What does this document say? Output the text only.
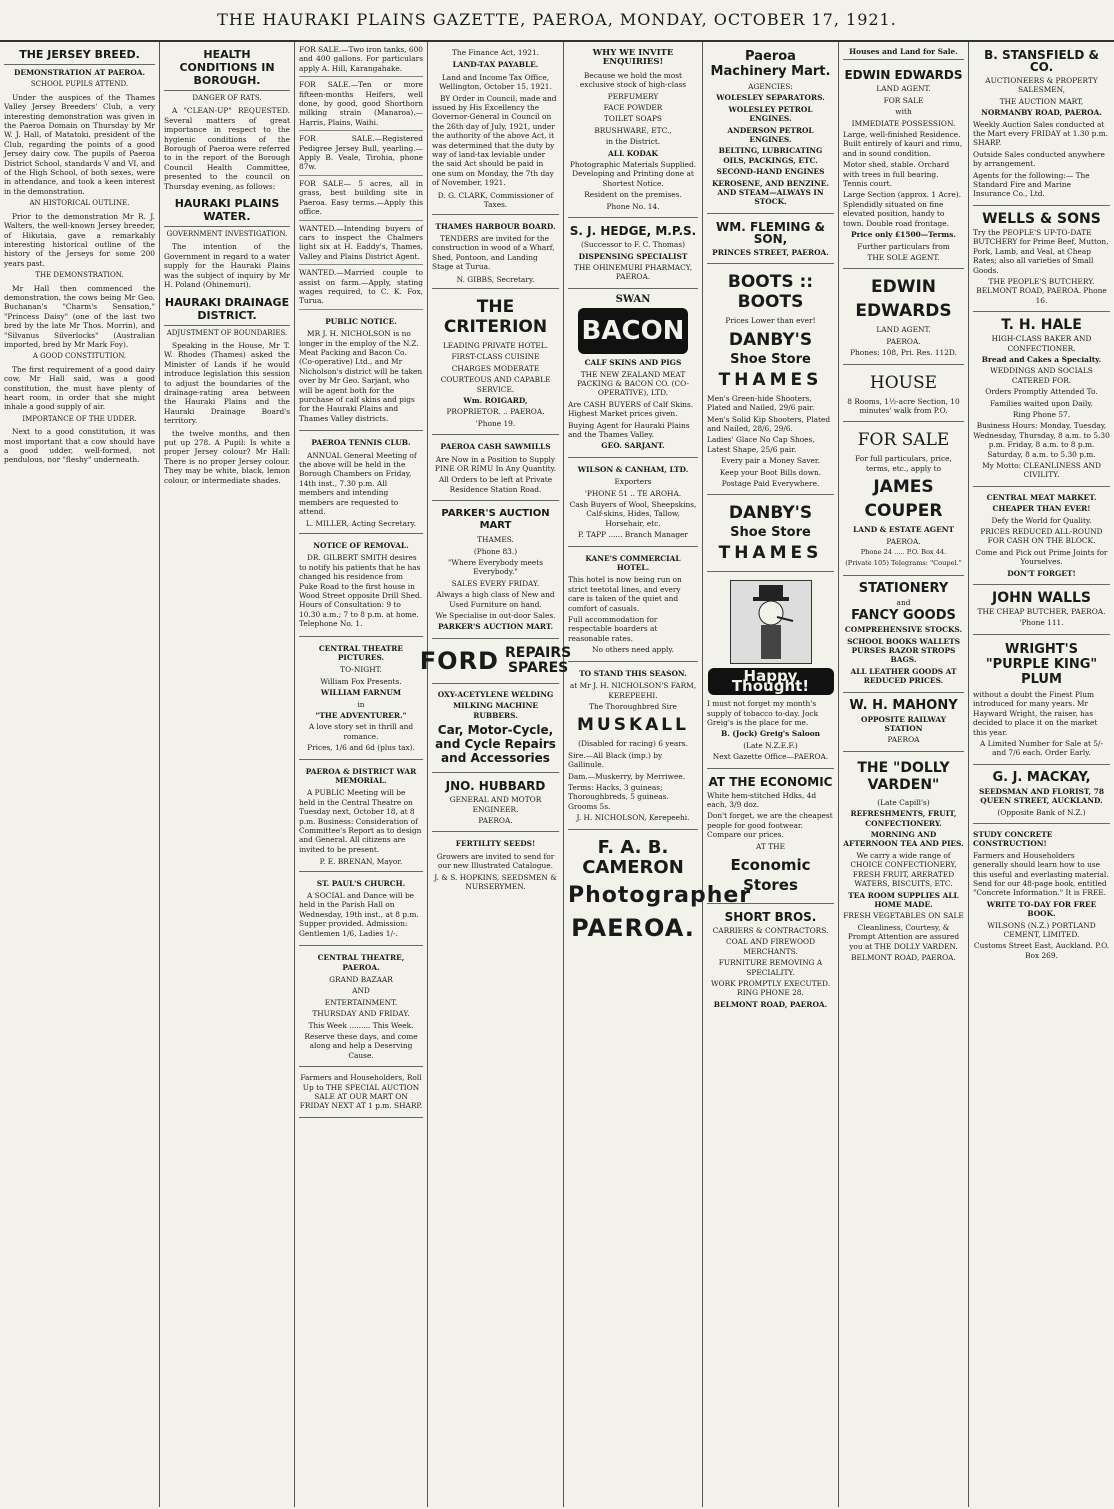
THE HAURAKI PLAINS GAZETTE, PAEROA, MONDAY, OCTOBER 17, 1921.
THE JERSEY BREED.
DEMONSTRATION AT PAEROA.
SCHOOL PUPILS ATTEND.

Under the auspices of the Thames Valley Jersey Breeders' Club, a very interesting demonstration was given in the Paeroa Domain on Thursday by Mr W. J. Hall, of Matatoki, president of the Club, regarding the points of a good Jersey dairy cow. The pupils of Paeroa District School, standards V and VI, and of the High School, of both sexes, were in attendance, and took a keen interest in the demonstration.

AN HISTORICAL OUTLINE.

Prior to the demonstration Mr R. J. Walters, the well-known Jersey breeder, of Hikutaia, gave a remarkably interesting historical outline of the history of the Jerseys for some 200 years past.

THE DEMONSTRATION.

Mr Hall then commenced the demonstration, the cows being Mr Geo. Buchanan's "Charm's Sensation," "Princess Daisy" (one of the last two bred by the late Mr Thos. Morrin), and "Silvanus Silverlocks" (Australian imported, bred by Mr Mark Foy).

A GOOD CONSTITUTION.

The first requirement of a good dairy cow, Mr Hall said, was a good constitution, the must have plenty of heart room, in order that she might inhale a good supply of air.

IMPORTANCE OF THE UDDER.

Next to a good constitution, it was most important that a cow should have a good udder, well-formed, not pendulous, nor "fleshy" underneath.

HEALTH CONDITIONS IN BOROUGH.
DANGER OF RATS.

A "CLEAN-UP" REQUESTED. Several matters of great importance in respect to the hygienic conditions of the Borough of Paeroa were referred to in the report of the Borough Council Health Committee, presented to the council on Thursday evening, as follows:

HAURAKI PLAINS WATER.
GOVERNMENT INVESTIGATION.

The intention of the Government in regard to a water supply for the Hauraki Plains was the subject of inquiry by Mr H. Poland (Ohinemuri).

HAURAKI DRAINAGE DISTRICT.
ADJUSTMENT OF BOUNDARIES.

Speaking in the House, Mr T. W. Rhodes (Thames) asked the Minister of Lands if he would introduce legislation this session to adjust the boundaries of the drainage-rating area between the Hauraki Plains and the Hauraki Drainage Board's territory.

the twelve months, and then put up 278. A Pupil: Is white a proper Jersey colour? Mr Hall: There is no proper Jersey colour. They may be white, black, lemon colour, or intermediate shades.

FOR SALE.—Two iron tanks, 600 and 400 gallons. For particulars apply A. Hill, Karangahake.
FOR SALE.—Ten or more fifteen-months Heifers, well done, by good, good Shorthorn milking strain (Manaroa).—Harris, Plains, Waihi.
FOR SALE.—Registered Pedigree Jersey Bull, yearling.—Apply B. Veale, Tirohia, phone 87w.
FOR SALE— 5 acres, all in grass, best building site in Paeroa. Easy terms.—Apply this office.
WANTED.—Intending buyers of cars to inspect the Chalmers light six at H. Eaddy's, Thames, Valley and Plains District Agent.
WANTED.—Married couple to assist on farm.—Apply, stating wages required, to C. K. Fox, Turua.
PUBLIC NOTICE.

MR J. H. NICHOLSON is no longer in the employ of the N.Z. Meat Packing and Bacon Co. (Co-operative) Ltd., and Mr Nicholson's district will be taken over by Mr Geo. Sarjant, who will be agent both for the purchase of calf skins and pigs for the Hauraki Plains and Thames Valley districts.

PAEROA TENNIS CLUB.

ANNUAL General Meeting of the above will be held in the Borough Chambers on Friday, 14th inst., 7.30 p.m. All members and intending members are requested to attend.

L. MILLER, Acting Secretary.
NOTICE OF REMOVAL.

DR. GILBERT SMITH desires to notify his patients that he has changed his residence from Puke Road to the first house in Wood Street opposite Drill Shed. Hours of Consultation: 9 to 10.30 a.m.; 7 to 8 p.m. at home. Telephone No. 1.

CENTRAL THEATRE PICTURES.
TO-NIGHT.
William Fox Presents.
WILLIAM FARNUM
in
"THE ADVENTURER."
A love story set in thrill and romance.
Prices, 1/6 and 6d (plus tax).
PAEROA & DISTRICT WAR MEMORIAL.

A PUBLIC Meeting will be held in the Central Theatre on Tuesday next, October 18, at 8 p.m. Business: Consideration of Committee's Report as to design and General. All citizens are invited to be present.

P. E. BRENAN, Mayor.
ST. PAUL'S CHURCH.

A SOCIAL and Dance will be held in the Parish Hall on Wednesday, 19th inst., at 8 p.m. Supper provided. Admission: Gentlemen 1/6, Ladies 1/-.

CENTRAL THEATRE, PAEROA.
GRAND BAZAAR
AND
ENTERTAINMENT.
THURSDAY AND FRIDAY.
This Week ......... This Week.
Reserve these days, and come along and help a Deserving Cause.
Farmers and Householders, Roll Up to THE SPECIAL AUCTION SALE AT OUR MART ON FRIDAY NEXT AT 1 p.m. SHARP.
The Finance Act, 1921.
LAND-TAX PAYABLE.
Land and Income Tax Office, Wellington, October 15, 1921.

BY Order in Council, made and issued by His Excellency the Governor-General in Council on the 26th day of July, 1921, under the authority of the above Act, it was determined that the duty by way of land-tax leviable under the said Act should be paid in one sum on Monday, the 7th day of November, 1921.

D. G. CLARK, Commissioner of Taxes.
THAMES HARBOUR BOARD.

TENDERS are invited for the construction in wood of a Wharf, Shed, Pontoon, and Landing Stage at Turua.

N. GIBBS, Secretary.
THE CRITERION
LEADING PRIVATE HOTEL.
FIRST-CLASS CUISINE
CHARGES MODERATE
COURTEOUS AND CAPABLE SERVICE.
Wm. ROIGARD,
PROPRIETOR. .. PAEROA.
'Phone 19.
PAEROA CASH SAWMILLS
Are Now in a Position to Supply PINE OR RIMU In Any Quantity.
All Orders to be left at Private Residence Station Road.
PARKER'S AUCTION MART
THAMES.
(Phone 83.)
"Where Everybody meets Everybody."
SALES EVERY FRIDAY.
Always a high class of New and Used Furniture on hand.
We Specialise in out-door Sales.
PARKER'S AUCTION MART.
FORD REPAIRS
SPARES
OXY-ACETYLENE WELDING
MILKING MACHINE RUBBERS.
Car, Motor-Cycle, and Cycle Repairs and Accessories
JNO. HUBBARD
GENERAL AND MOTOR ENGINEER.
PAEROA.
FERTILITY SEEDS!
Growers are invited to send for our new Illustrated Catalogue.
J. & S. HOPKINS, SEEDSMEN & NURSERYMEN.
WHY WE INVITE ENQUIRIES!
Because we hold the most exclusive stock of high-class
PERFUMERY
FACE POWDER
TOILET SOAPS
BRUSHWARE, ETC.,
in the District.
ALL KODAK
Photographic Materials Supplied. Developing and Printing done at Shortest Notice.
Resident on the premises.
Phone No. 14.
S. J. HEDGE, M.P.S.
(Successor to F. C. Thomas)
DISPENSING SPECIALIST
THE OHINEMURI PHARMACY, PAEROA.
SWAN
BACON
CALF SKINS AND PIGS
THE NEW ZEALAND MEAT PACKING & BACON CO. (CO-OPERATIVE), LTD.
Are CASH BUYERS of Calf Skins. Highest Market prices given.
Buying Agent for Hauraki Plains and the Thames Valley.
GEO. SARJANT.
WILSON & CANHAM, LTD.
Exporters
'PHONE 51 .. TE AROHA.
Cash Buyers of Wool, Sheepskins, Calf-skins, Hides, Tallow, Horsehair, etc.
P. TAPP ...... Branch Manager
KANE'S COMMERCIAL HOTEL.
This hotel is now being run on strict teetotal lines, and every care is taken of the quiet and comfort of casuals.
Full accommodation for respectable boarders at reasonable rates.
No others need apply.
TO STAND THIS SEASON.
at Mr J. H. NICHOLSON'S FARM, KEREPEEHI.
The Thoroughbred Sire
MUSKALL
(Disabled for racing) 6 years.
Sire.—All Black (imp.) by Gallinule.
Dam.—Muskerry, by Merriwee.
Terms: Hacks, 3 guineas; Thoroughbreds, 5 guineas. Grooms 5s.
J. H. NICHOLSON, Kerepeehi.
F. A. B. CAMERON
Photographer
PAEROA.
Paeroa Machinery Mart.
AGENCIES:
WOLESLEY SEPARATORS.
WOLESLEY PETROL ENGINES.
ANDERSON PETROL ENGINES.
BELTING, LUBRICATING OILS, PACKINGS, ETC.
SECOND-HAND ENGINES
KEROSENE, AND BENZINE. AND STEAM—ALWAYS IN STOCK.
WM. FLEMING & SON,
PRINCES STREET, PAEROA.
BOOTS :: BOOTS
Prices Lower than ever!
DANBY'S
Shoe Store
THAMES
Men's Green-hide Shooters, Plated and Nailed, 29/6 pair.
Men's Solid Kip Shooters, Plated and Nailed, 28/6, 29/6.
Ladies' Glace No Cap Shoes, Latest Shape, 25/6 pair.
Every pair a Money Saver.
Keep your Boot Bills down.
Postage Paid Everywhere.
DANBY'S
Shoe Store
THAMES
Happy Thought!
I must not forget my month's supply of tobacco to-day. Jock Greig's is the place for me.
B. (Jock) Greig's Saloon
(Late N.Z.E.F.)
Next Gazette Office—PAEROA.
AT THE ECONOMIC
White hem-stitched Hdks, 4d each, 3/9 doz.
Don't forget, we are the cheapest people for good footwear. Compare our prices.
AT THE
Economic Stores
SHORT BROS.
CARRIERS & CONTRACTORS.
COAL AND FIREWOOD MERCHANTS.
FURNITURE REMOVING A SPECIALITY.
WORK PROMPTLY EXECUTED. RING PHONE 28.
BELMONT ROAD, PAEROA.
Houses and Land for Sale.
EDWIN EDWARDS
LAND AGENT.
FOR SALE
with
IMMEDIATE POSSESSION.
Large, well-finished Residence. Built entirely of kauri and rimu, and in sound condition.
Motor shed, stable. Orchard with trees in full bearing. Tennis court.
Large Section (approx. 1 Acre). Splendidly situated on fine elevated position, handy to town. Double road frontage.
Price only £1500—Terms.
Further particulars from
THE SOLE AGENT.
EDWIN
EDWARDS
LAND AGENT.
PAEROA.
Phones: 108, Pri. Res. 112D.
HOUSE
8 Rooms, 1½-acre Section, 10 minutes' walk from P.O.
FOR SALE
For full particulars, price, terms, etc., apply to
JAMES
COUPER
LAND & ESTATE AGENT
PAEROA.
Phone 24 ..... P.O. Box 44.
(Private 105) Telegrams: "Coupel."
STATIONERY
and
FANCY GOODS
COMPREHENSIVE STOCKS.
SCHOOL BOOKS WALLETS PURSES RAZOR STROPS BAGS.
ALL LEATHER GOODS AT REDUCED PRICES.
W. H. MAHONY
OPPOSITE RAILWAY STATION
PAEROA
THE "DOLLY VARDEN"
(Late Capill's)
REFRESHMENTS, FRUIT, CONFECTIONERY.
MORNING AND AFTERNOON TEA AND PIES.
We carry a wide range of CHOICE CONFECTIONERY, FRESH FRUIT, ARERATED WATERS, BISCUITS, ETC.
TEA ROOM SUPPLIES ALL HOME MADE.
FRESH VEGETABLES ON SALE
Cleanliness, Courtesy, & Prompt Attention are assured you at THE DOLLY VARDEN.
BELMONT ROAD, PAEROA.
B. STANSFIELD & CO.
AUCTIONEERS & PROPERTY SALESMEN,
THE AUCTION MART,
NORMANBY ROAD, PAEROA.
Weekly Auction Sales conducted at the Mart every FRIDAY at 1.30 p.m. SHARP.
Outside Sales conducted anywhere by arrangement.
Agents for the following:— The Standard Fire and Marine Insurance Co., Ltd.
WELLS & SONS
Try the PEOPLE'S UP-TO-DATE BUTCHERY for Prime Beef, Mutton, Pork, Lamb, and Veal, at Cheap Rates; also all varieties of Small Goods.
THE PEOPLE'S BUTCHERY. BELMONT ROAD, PAEROA. Phone 16.
T. H. HALE
HIGH-CLASS BAKER AND CONFECTIONER.
Bread and Cakes a Specialty.
WEDDINGS AND SOCIALS CATERED FOR.
Orders Promptly Attended To.
Families waited upon Daily.
Ring Phone 57.
Business Hours: Monday, Tuesday, Wednesday, Thursday, 8 a.m. to 5.30 p.m. Friday, 8 a.m. to 8 p.m. Saturday, 8 a.m. to 5.30 p.m.
My Motto: CLEANLINESS AND CIVILITY.
CENTRAL MEAT MARKET.
CHEAPER THAN EVER!
Defy the World for Quality.
PRICES REDUCED ALL-ROUND FOR CASH ON THE BLOCK.
Come and Pick out Prime Joints for Yourselves.
DON'T FORGET!
JOHN WALLS
THE CHEAP BUTCHER, PAEROA.
'Phone 111.
WRIGHT'S "PURPLE KING" PLUM
without a doubt the Finest Plum introduced for many years. Mr Hayward Wright, the raiser, has decided to place it on the market this year.
A Limited Number for Sale at 5/- and 7/6 each. Order Early.
G. J. MACKAY,
SEEDSMAN AND FLORIST, 78 QUEEN STREET, AUCKLAND.
(Opposite Bank of N.Z.)
STUDY CONCRETE CONSTRUCTION!
Farmers and Householders generally should learn how to use this useful and everlasting material. Send for our 48-page book, entitled "Concrete Information." It is FREE.
WRITE TO-DAY FOR FREE BOOK.
WILSONS (N.Z.) PORTLAND CEMENT, LIMITED.
Customs Street East, Auckland. P.O. Box 269.
